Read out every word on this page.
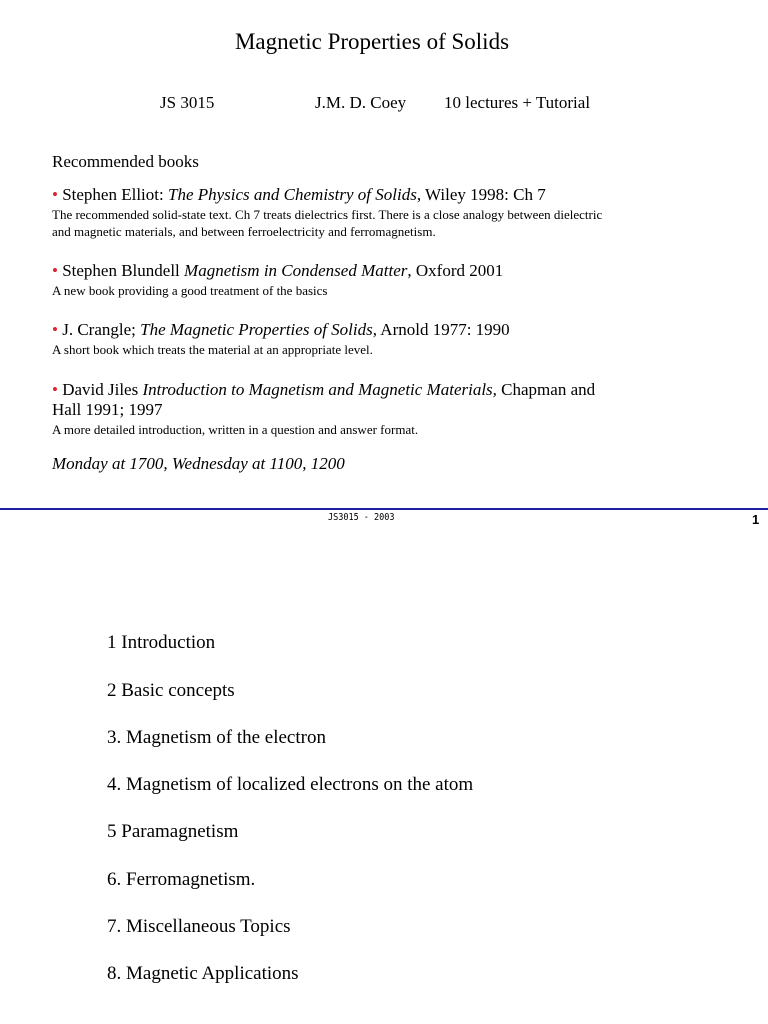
Magnetic Properties of Solids
JS 3015	J.M. D. Coey 10 lectures + Tutorial
Recommended books
• Stephen Elliot: The Physics and Chemistry of Solids, Wiley 1998: Ch 7
The recommended solid-state text. Ch 7 treats dielectrics first. There is a close analogy between dielectric
and magnetic materials, and between ferroelectricity and ferromagnetism.
• Stephen Blundell Magnetism in Condensed Matter, Oxford 2001
A new book providing a good treatment of the basics
• J. Crangle; The Magnetic Properties of Solids, Arnold 1977: 1990
A short book which treats the material at an appropriate level.
• David Jiles Introduction to Magnetism and Magnetic Materials, Chapman and
Hall 1991; 1997
A more detailed introduction, written in a question and answer format.
Monday at 1700, Wednesday at 1100, 1200
JS3015 - 2003	1
1 Introduction
2 Basic concepts
3. Magnetism of the electron
4. Magnetism of localized electrons on the atom
5 Paramagnetism
6. Ferromagnetism.
7. Miscellaneous Topics
8. Magnetic Applications
